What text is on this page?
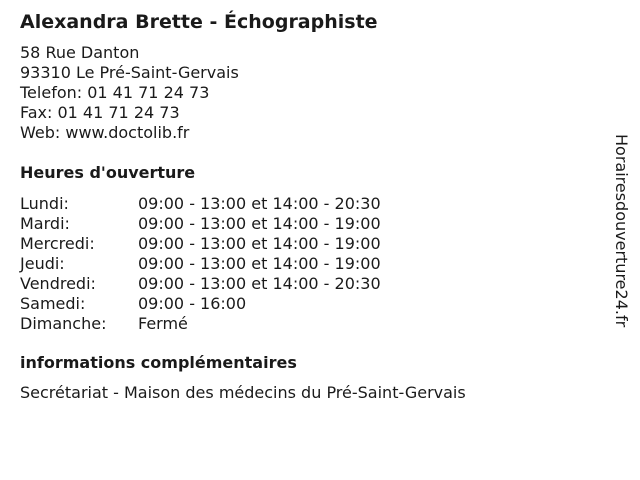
Alexandra Brette - Échographiste
58 Rue Danton
93310 Le Pré-Saint-Gervais
Telefon: 01 41 71 24 73
Fax: 01 41 71 24 73
Web: www.doctolib.fr
Heures d'ouverture
Lundi:	09:00 - 13:00 et 14:00 - 20:30
Mardi:	09:00 - 13:00 et 14:00 - 19:00
Mercredi:	09:00 - 13:00 et 14:00 - 19:00
Jeudi:	09:00 - 13:00 et 14:00 - 19:00
Vendredi:	09:00 - 13:00 et 14:00 - 20:30
Samedi:	09:00 - 16:00
Dimanche: Fermé
informations complémentaires
Secrétariat - Maison des médecins du Pré-Saint-Gervais
Horairesdouverture24.fr
